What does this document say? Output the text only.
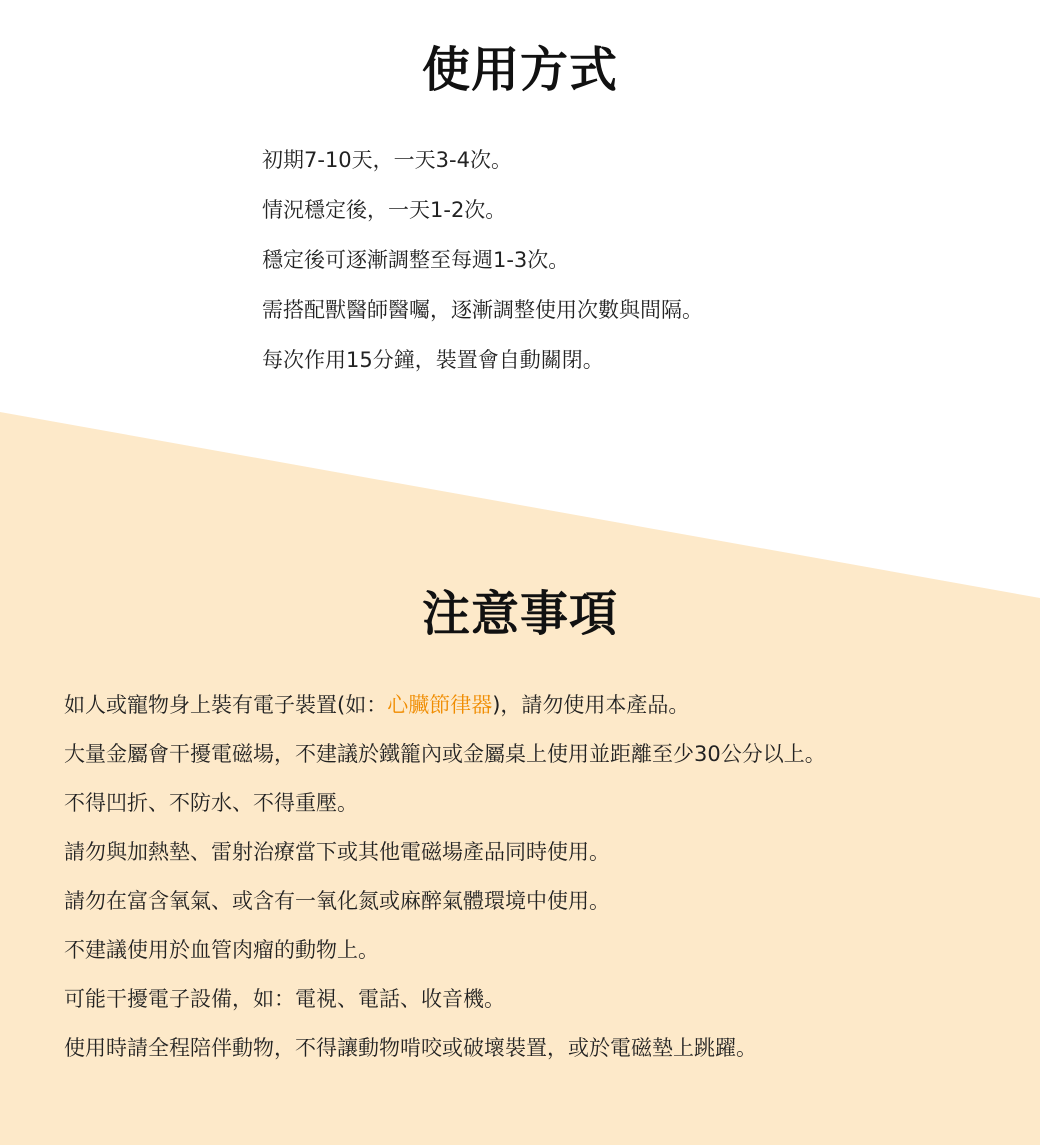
使用方式
初期7-10天，一天3-4次。
情況穩定後，一天1-2次。
穩定後可逐漸調整至每週1-3次。
需搭配獸醫師醫囑，逐漸調整使用次數與間隔。
每次作用15分鐘，裝置會自動關閉。
注意事項
如人或寵物身上裝有電子裝置(如：心臟節律器)，請勿使用本產品。
大量金屬會干擾電磁場，不建議於鐵籠內或金屬桌上使用並距離至少30公分以上。
不得凹折、不防水、不得重壓。
請勿與加熱墊、雷射治療當下或其他電磁場產品同時使用。
請勿在富含氧氣、或含有一氧化氮或麻醉氣體環境中使用。
不建議使用於血管肉瘤的動物上。
可能干擾電子設備，如：電視、電話、收音機。
使用時請全程陪伴動物，不得讓動物啃咬或破壞裝置，或於電磁墊上跳躍。
